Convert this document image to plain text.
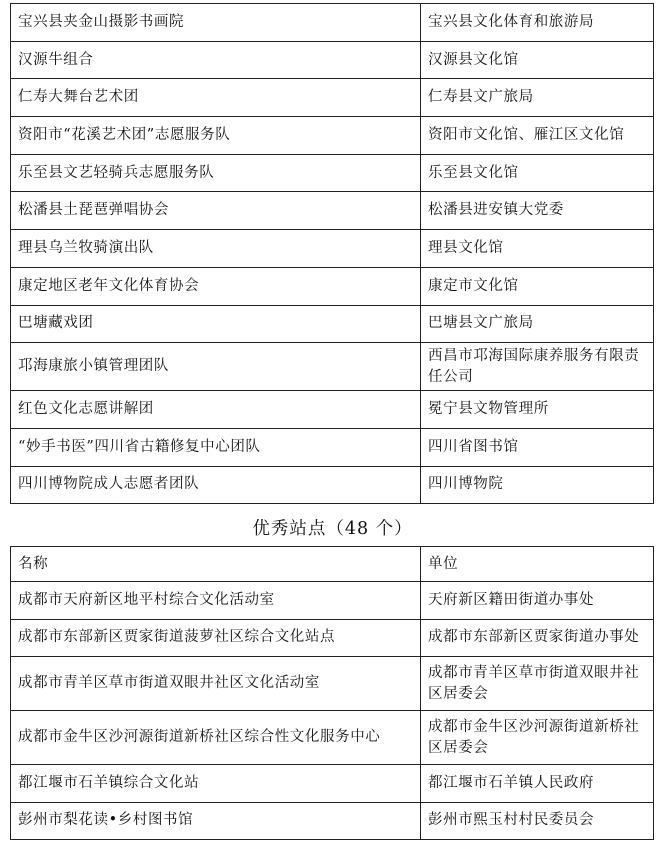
宝兴县夹金山摄影书画院	宝兴县文化体育和旅游局
汉源牛组合	汉源县文化馆
仁寿大舞台艺术团	仁寿县文广旅局
资阳市“花溪艺术团”志愿服务队	资阳市文化馆、雁江区文化馆
乐至县文艺轻骑兵志愿服务队	乐至县文化馆
松潘县土琵琶弹唱协会	松潘县进安镇大党委
理县乌兰牧骑演出队	理县文化馆
康定地区老年文化体育协会	康定市文化馆
巴塘藏戏团	巴塘县文广旅局
邛海康旅小镇管理团队	西昌市邛海国际康养服务有限责任公司
红色文化志愿讲解团	冕宁县文物管理所
“妙手书医”四川省古籍修复中心团队	四川省图书馆
四川博物院成人志愿者团队	四川博物院
优秀站点（48 个）
名称	单位
成都市天府新区地平村综合文化活动室	天府新区籍田街道办事处
成都市东部新区贾家街道菠萝社区综合文化站点	成都市东部新区贾家街道办事处
成都市青羊区草市街道双眼井社区文化活动室	成都市青羊区草市街道双眼井社区居委会
成都市金牛区沙河源街道新桥社区综合性文化服务中心	成都市金牛区沙河源街道新桥社区居委会
都江堰市石羊镇综合文化站	都江堰市石羊镇人民政府
彭州市梨花读•乡村图书馆	彭州市熙玉村村民委员会
